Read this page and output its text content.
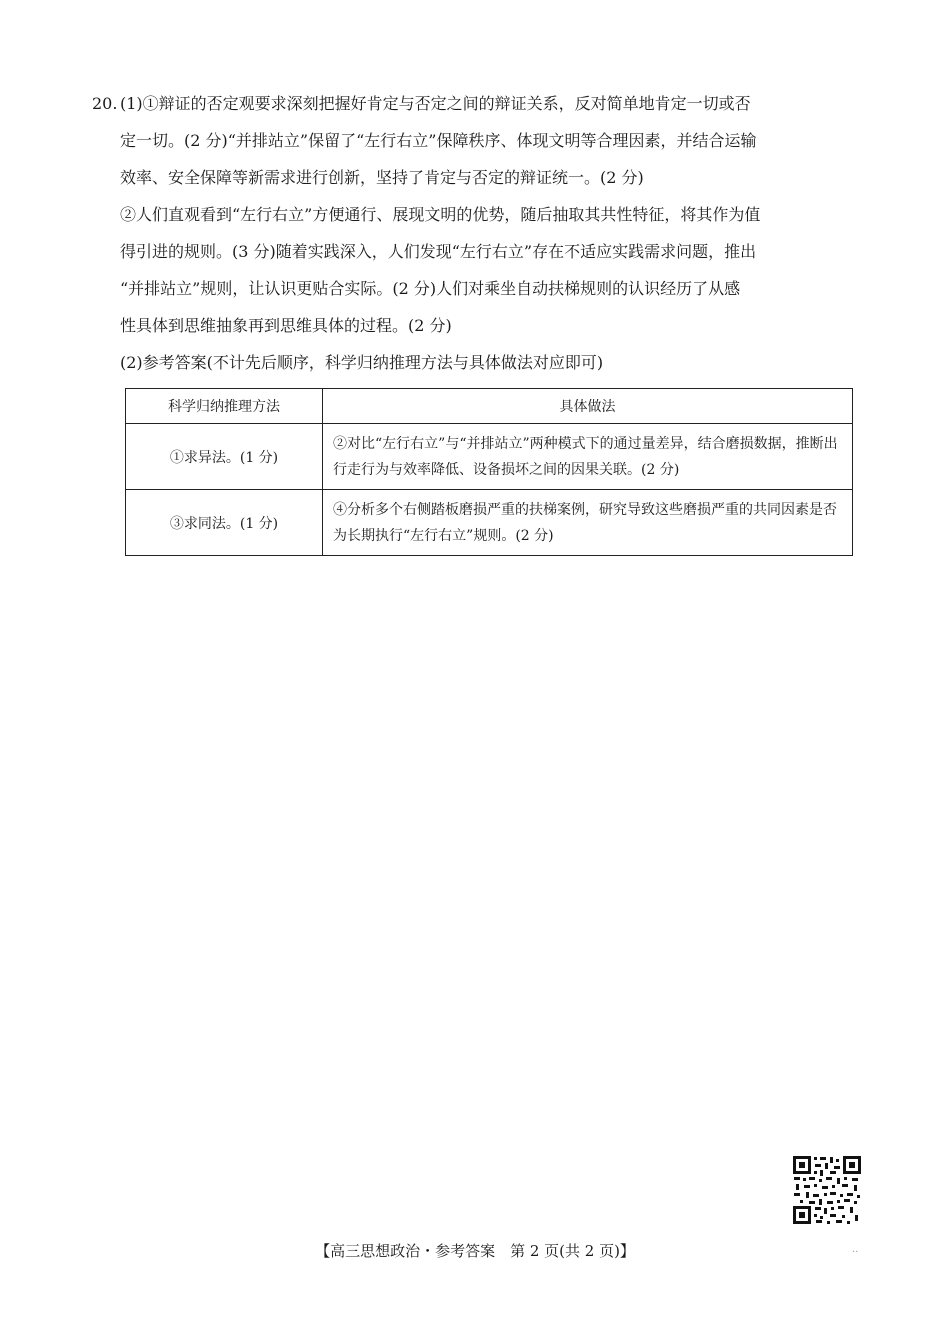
20. (1)①辩证的否定观要求深刻把握好肯定与否定之间的辩证关系，反对简单地肯定一切或否
定一切。(2 分)“并排站立”保留了“左行右立”保障秩序、体现文明等合理因素，并结合运输
效率、安全保障等新需求进行创新，坚持了肯定与否定的辩证统一。(2 分)
②人们直观看到“左行右立”方便通行、展现文明的优势，随后抽取其共性特征，将其作为值
得引进的规则。(3 分)随着实践深入，人们发现“左行右立”存在不适应实践需求问题，推出
“并排站立”规则，让认识更贴合实际。(2 分)人们对乘坐自动扶梯规则的认识经历了从感
性具体到思维抽象再到思维具体的过程。(2 分)
(2)参考答案(不计先后顺序，科学归纳推理方法与具体做法对应即可)
科学归纳推理方法	具体做法
①求异法。(1 分)	②对比“左行右立”与“并排站立”两种模式下的通过量差异，结合磨损数据，推断出行走行为与效率降低、设备损坏之间的因果关联。(2 分)
③求同法。(1 分)	④分析多个右侧踏板磨损严重的扶梯案例，研究导致这些磨损严重的共同因素是否为长期执行“左行右立”规则。(2 分)
【高三思想政治・参考答案　第 2 页(共 2 页)】	..
